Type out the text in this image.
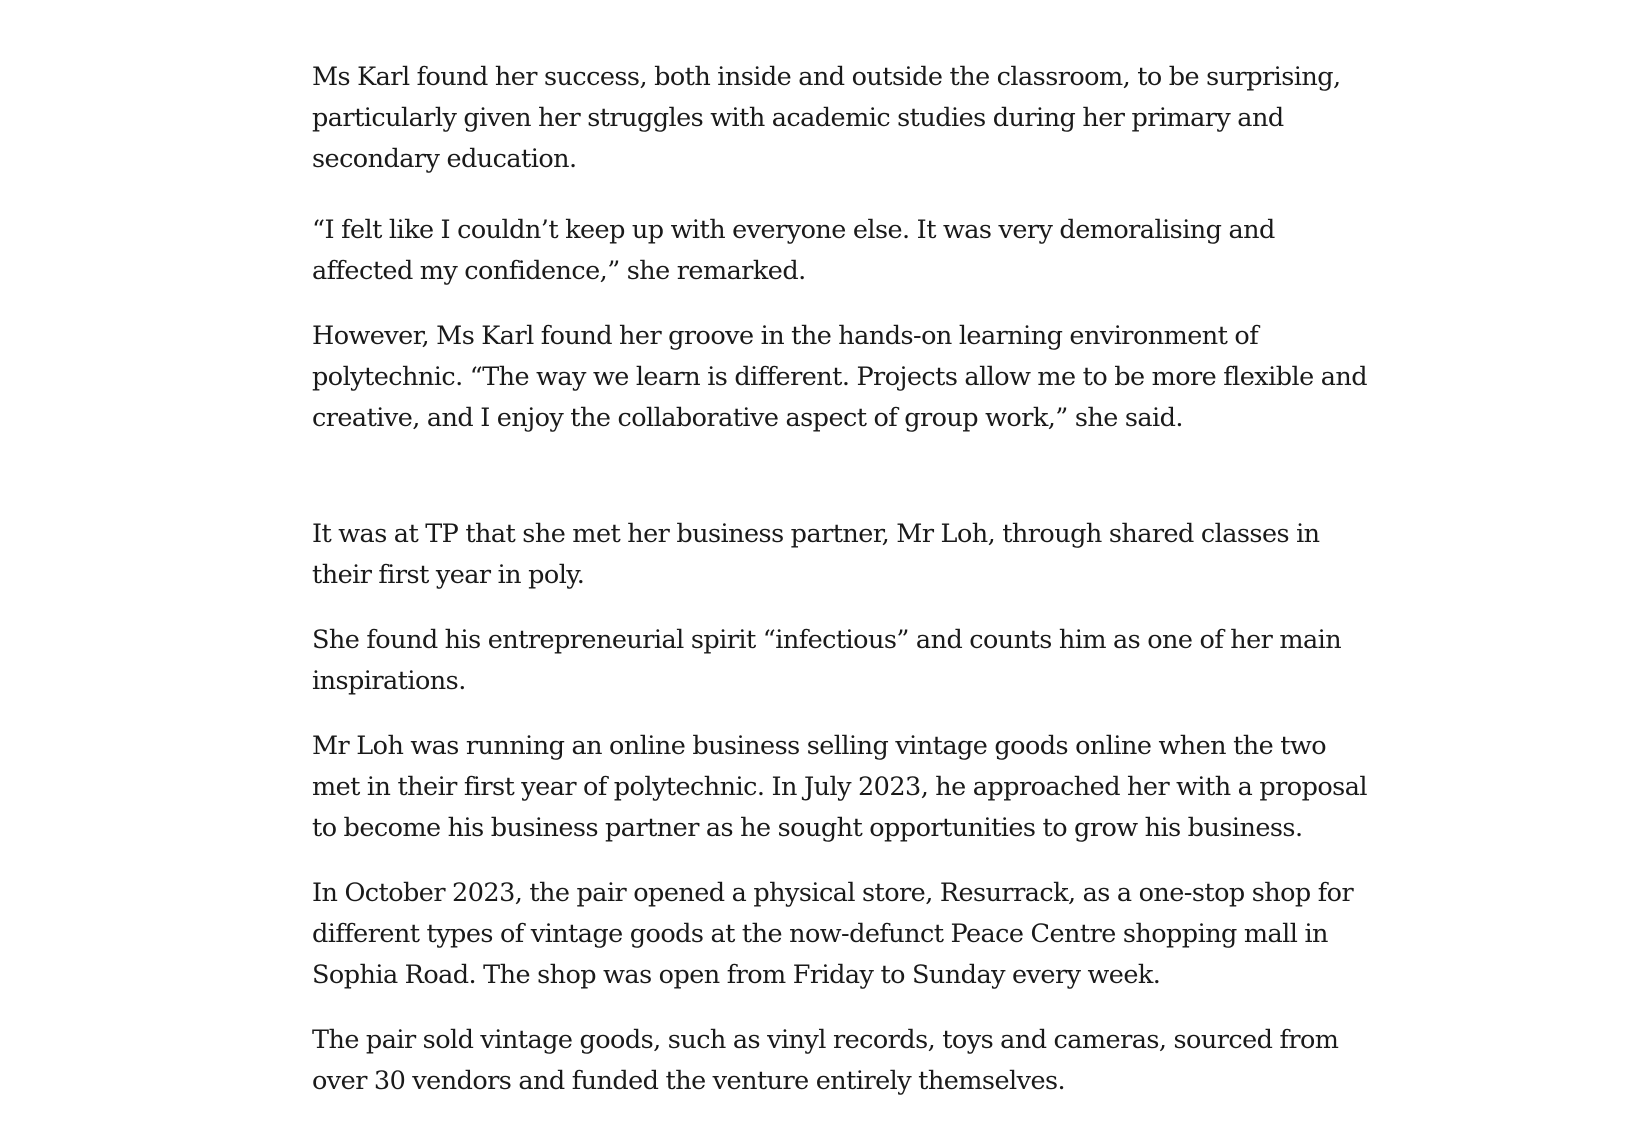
Ms Karl found her success, both inside and outside the classroom, to be surprising, particularly given her struggles with academic studies during her primary and secondary education.

“I felt like I couldn’t keep up with everyone else. It was very demoralising and affected my confidence,” she remarked.

However, Ms Karl found her groove in the hands-on learning environment of polytechnic. “The way we learn is different. Projects allow me to be more flexible and creative, and I enjoy the collaborative aspect of group work,” she said.

It was at TP that she met her business partner, Mr Loh, through shared classes in their first year in poly.

She found his entrepreneurial spirit “infectious” and counts him as one of her main inspirations.

Mr Loh was running an online business selling vintage goods online when the two met in their first year of polytechnic. In July 2023, he approached her with a proposal to become his business partner as he sought opportunities to grow his business.

In October 2023, the pair opened a physical store, Resurrack, as a one-stop shop for different types of vintage goods at the now-defunct Peace Centre shopping mall in Sophia Road. The shop was open from Friday to Sunday every week.

The pair sold vintage goods, such as vinyl records, toys and cameras, sourced from over 30 vendors and funded the venture entirely themselves.
